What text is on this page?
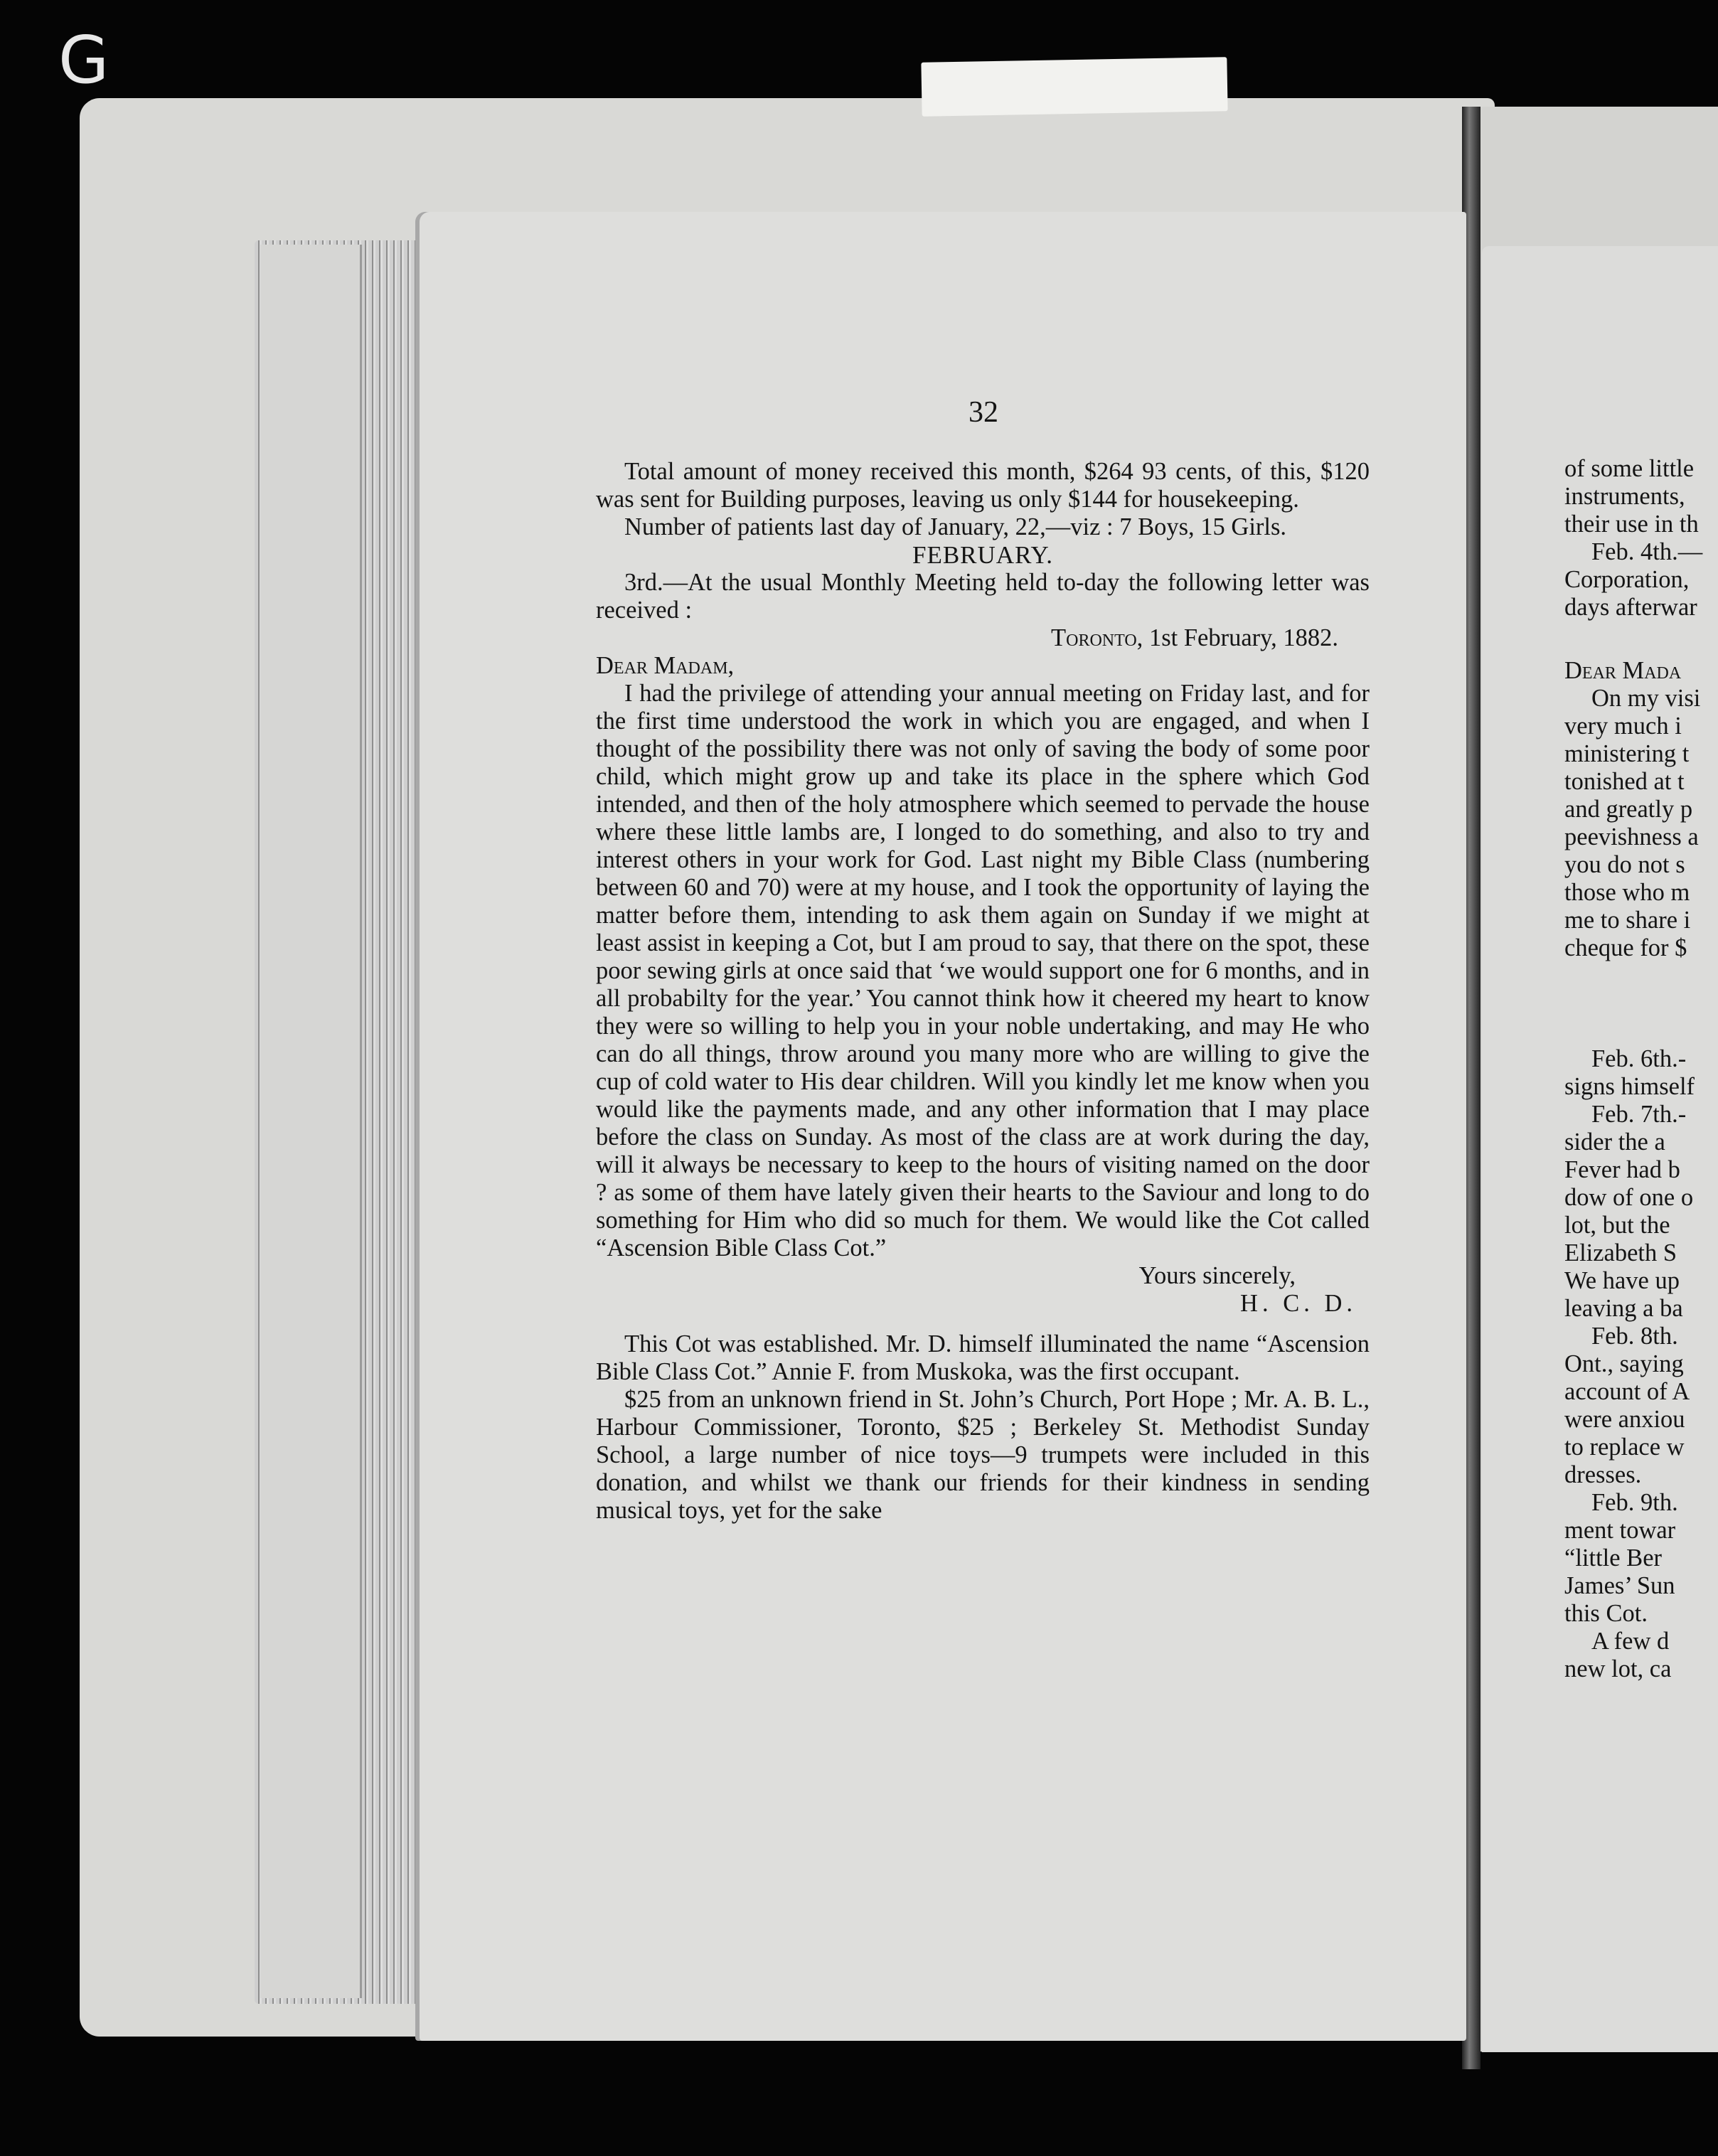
G
32

Total amount of money received this month, $264 93 cents, of this, $120 was sent for Building purposes, leaving us only $144 for housekeeping.

Number of patients last day of January, 22,—viz : 7 Boys, 15 Girls.

FEBRUARY.

3rd.—At the usual Monthly Meeting held to-day the following letter was received :

Toronto, 1st February, 1882.

Dear Madam,

I had the privilege of attending your annual meeting on Friday last, and for the first time understood the work in which you are engaged, and when I thought of the possibility there was not only of saving the body of some poor child, which might grow up and take its place in the sphere which God intended, and then of the holy atmosphere which seemed to pervade the house where these little lambs are, I longed to do something, and also to try and interest others in your work for God. Last night my Bible Class (numbering between 60 and 70) were at my house, and I took the opportunity of laying the matter before them, intending to ask them again on Sunday if we might at least assist in keeping a Cot, but I am proud to say, that there on the spot, these poor sewing girls at once said that ‘we would support one for 6 months, and in all probabilty for the year.’ You cannot think how it cheered my heart to know they were so willing to help you in your noble undertaking, and may He who can do all things, throw around you many more who are willing to give the cup of cold water to His dear children. Will you kindly let me know when you would like the payments made, and any other information that I may place before the class on Sunday. As most of the class are at work during the day, will it always be necessary to keep to the hours of visiting named on the door ? as some of them have lately given their hearts to the Saviour and long to do something for Him who did so much for them. We would like the Cot called “Ascension Bible Class Cot.”

Yours sincerely,

H. C. D.

This Cot was established. Mr. D. himself illuminated the name “Ascension Bible Class Cot.” Annie F. from Muskoka, was the first occupant.

$25 from an unknown friend in St. John’s Church, Port Hope ; Mr. A. B. L., Harbour Commissioner, Toronto, $25 ; Berkeley St. Methodist Sunday School, a large number of nice toys—9 trumpets were included in this donation, and whilst we thank our friends for their kindness in sending musical toys, yet for the sake

of some little
instruments,
their use in th
Feb. 4th.—
Corporation,
days afterwar
Dear Mada
On my visi
very much i
ministering t
tonished at t
and greatly p
peevishness a
you do not s
those who m
me to share i
cheque for $
Feb. 6th.-
signs himself
Feb. 7th.-
sider the a
Fever had b
dow of one o
lot, but the
Elizabeth S
We have up
leaving a ba
Feb. 8th.
Ont., saying
account of A
were anxiou
to replace w
dresses.
Feb. 9th.
ment towar
“little Ber
James’ Sun
this Cot.
A few d
new lot, ca
